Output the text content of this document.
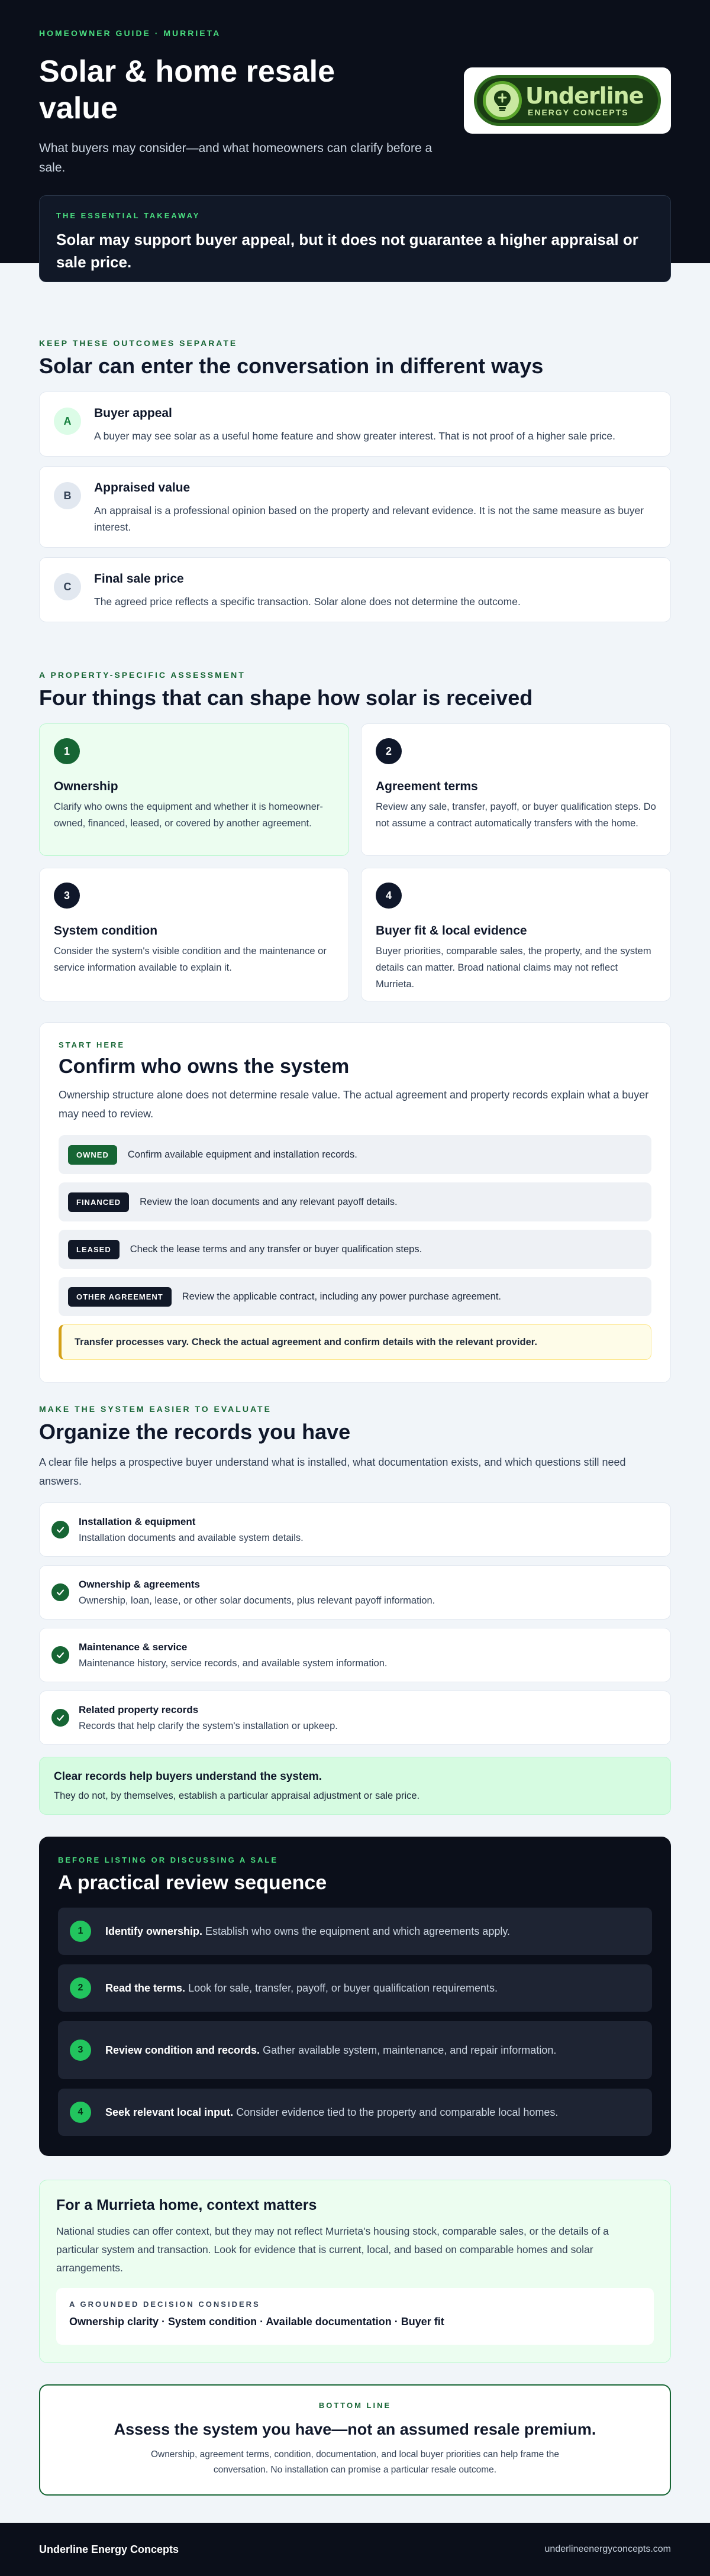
HOMEOWNER GUIDE · MURRIETA
Solar & home resale value
What buyers may consider—and what homeowners can clarify before a sale.
Underline
ENERGY CONCEPTS
THE ESSENTIAL TAKEAWAY
Solar may support buyer appeal, but it does not guarantee a higher appraisal or sale price.
KEEP THESE OUTCOMES SEPARATE
Solar can enter the conversation in different ways
A
Buyer appeal
A buyer may see solar as a useful home feature and show greater interest. That is not proof of a higher sale price.
B
Appraised value
An appraisal is a professional opinion based on the property and relevant evidence. It is not the same measure as buyer interest.
C
Final sale price
The agreed price reflects a specific transaction. Solar alone does not determine the outcome.
A PROPERTY-SPECIFIC ASSESSMENT
Four things that can shape how solar is received
1
Ownership
Clarify who owns the equipment and whether it is homeowner-owned, financed, leased, or covered by another agreement.
2
Agreement terms
Review any sale, transfer, payoff, or buyer qualification steps. Do not assume a contract automatically transfers with the home.
3
System condition
Consider the system's visible condition and the maintenance or service information available to explain it.
4
Buyer fit & local evidence
Buyer priorities, comparable sales, the property, and the system details can matter. Broad national claims may not reflect Murrieta.
START HERE
Confirm who owns the system
Ownership structure alone does not determine resale value. The actual agreement and property records explain what a buyer may need to review.
OWNED	Confirm available equipment and installation records.
FINANCED	Review the loan documents and any relevant payoff details.
LEASED	Check the lease terms and any transfer or buyer qualification steps.
OTHER AGREEMENT	Review the applicable contract, including any power purchase agreement.
Transfer processes vary. Check the actual agreement and confirm details with the relevant provider.
MAKE THE SYSTEM EASIER TO EVALUATE
Organize the records you have
A clear file helps a prospective buyer understand what is installed, what documentation exists, and which questions still need answers.
Installation & equipment
Installation documents and available system details.
Ownership & agreements
Ownership, loan, lease, or other solar documents, plus relevant payoff information.
Maintenance & service
Maintenance history, service records, and available system information.
Related property records
Records that help clarify the system's installation or upkeep.
Clear records help buyers understand the system.
They do not, by themselves, establish a particular appraisal adjustment or sale price.
BEFORE LISTING OR DISCUSSING A SALE
A practical review sequence
1	Identify ownership. Establish who owns the equipment and which agreements apply.
2	Read the terms. Look for sale, transfer, payoff, or buyer qualification requirements.
3	Review condition and records. Gather available system, maintenance, and repair information.
4	Seek relevant local input. Consider evidence tied to the property and comparable local homes.
For a Murrieta home, context matters
National studies can offer context, but they may not reflect Murrieta's housing stock, comparable sales, or the details of a particular system and transaction. Look for evidence that is current, local, and based on comparable homes and solar arrangements.
A GROUNDED DECISION CONSIDERS
Ownership clarity · System condition · Available documentation · Buyer fit
BOTTOM LINE
Assess the system you have—not an assumed resale premium.
Ownership, agreement terms, condition, documentation, and local buyer priorities can help frame the conversation. No installation can promise a particular resale outcome.
Underline Energy Concepts	underlineenergyconcepts.com
